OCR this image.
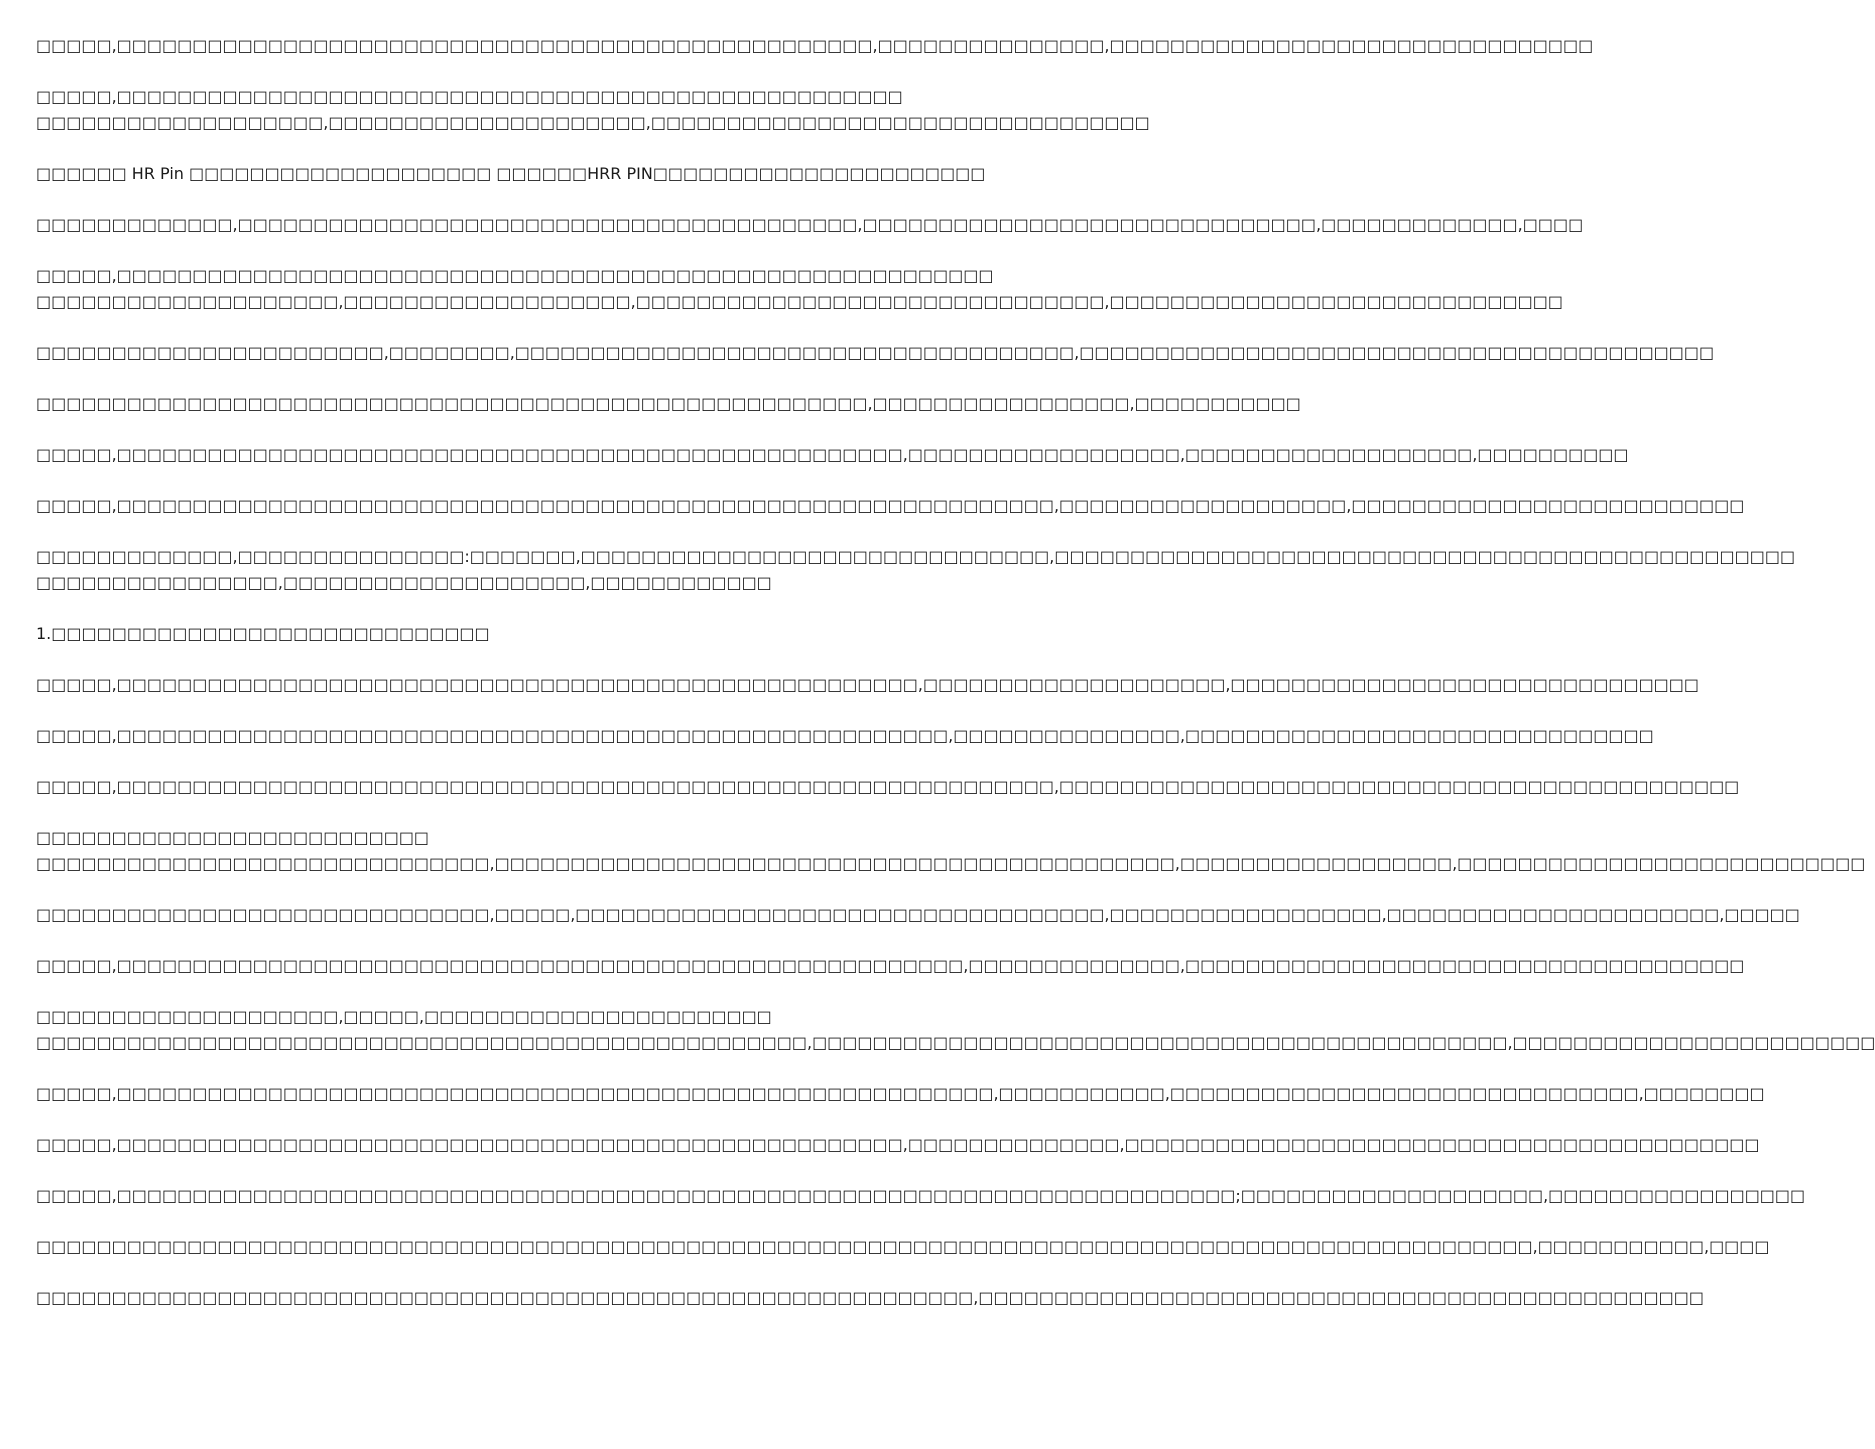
□□□□□,□□□□□□□□□□□□□□□□□□□□□□□□□□□□□□□□□□□□□□□□□□□□□□□□□□,□□□□□□□□□□□□□□□,□□□□□□□□□□□□□□□□□□□□□□□□□□□□□□□□
□□□□□,□□□□□□□□□□□□□□□□□□□□□□□□□□□□□□□□□□□□□□□□□□□□□□□□□□□□
□□□□□□□□□□□□□□□□□□□,□□□□□□□□□□□□□□□□□□□□□,□□□□□□□□□□□□□□□□□□□□□□□□□□□□□□□□□
□□□□□□ HR Pin □□□□□□□□□□□□□□□□□□□□ □□□□□□HRR PIN□□□□□□□□□□□□□□□□□□□□□□
□□□□□□□□□□□□□,□□□□□□□□□□□□□□□□□□□□□□□□□□□□□□□□□□□□□□□□□,□□□□□□□□□□□□□□□□□□□□□□□□□□□□□□,□□□□□□□□□□□□□,□□□□
□□□□□,□□□□□□□□□□□□□□□□□□□□□□□□□□□□□□□□□□□□□□□□□□□□□□□□□□□□□□□□□□
□□□□□□□□□□□□□□□□□□□□,□□□□□□□□□□□□□□□□□□□,□□□□□□□□□□□□□□□□□□□□□□□□□□□□□□□,□□□□□□□□□□□□□□□□□□□□□□□□□□□□□□
□□□□□□□□□□□□□□□□□□□□□□□,□□□□□□□□,□□□□□□□□□□□□□□□□□□□□□□□□□□□□□□□□□□□□□,□□□□□□□□□□□□□□□□□□□□□□□□□□□□□□□□□□□□□□□□□□
□□□□□□□□□□□□□□□□□□□□□□□□□□□□□□□□□□□□□□□□□□□□□□□□□□□□□□□,□□□□□□□□□□□□□□□□□,□□□□□□□□□□□
□□□□□,□□□□□□□□□□□□□□□□□□□□□□□□□□□□□□□□□□□□□□□□□□□□□□□□□□□□,□□□□□□□□□□□□□□□□□□,□□□□□□□□□□□□□□□□□□□,□□□□□□□□□□
□□□□□,□□□□□□□□□□□□□□□□□□□□□□□□□□□□□□□□□□□□□□□□□□□□□□□□□□□□□□□□□□□□□□,□□□□□□□□□□□□□□□□□□□,□□□□□□□□□□□□□□□□□□□□□□□□□□
□□□□□□□□□□□□□,□□□□□□□□□□□□□□□:□□□□□□□,□□□□□□□□□□□□□□□□□□□□□□□□□□□□□□□,□□□□□□□□□□□□□□□□□□□□□□□□□□□□□□□□□□□□□□□□□□□□□□□□□
□□□□□□□□□□□□□□□□,□□□□□□□□□□□□□□□□□□□□,□□□□□□□□□□□□
1.□□□□□□□□□□□□□□□□□□□□□□□□□□□□□
□□□□□,□□□□□□□□□□□□□□□□□□□□□□□□□□□□□□□□□□□□□□□□□□□□□□□□□□□□□,□□□□□□□□□□□□□□□□□□□□,□□□□□□□□□□□□□□□□□□□□□□□□□□□□□□□
□□□□□,□□□□□□□□□□□□□□□□□□□□□□□□□□□□□□□□□□□□□□□□□□□□□□□□□□□□□□□,□□□□□□□□□□□□□□□,□□□□□□□□□□□□□□□□□□□□□□□□□□□□□□□
□□□□□,□□□□□□□□□□□□□□□□□□□□□□□□□□□□□□□□□□□□□□□□□□□□□□□□□□□□□□□□□□□□□□,□□□□□□□□□□□□□□□□□□□□□□□□□□□□□□□□□□□□□□□□□□□□□
□□□□□□□□□□□□□□□□□□□□□□□□□□
□□□□□□□□□□□□□□□□□□□□□□□□□□□□□□,□□□□□□□□□□□□□□□□□□□□□□□□□□□□□□□□□□□□□□□□□□□□□,□□□□□□□□□□□□□□□□□□,□□□□□□□□□□□□□□□□□□□□□□□□□□□
□□□□□□□□□□□□□□□□□□□□□□□□□□□□□□,□□□□□,□□□□□□□□□□□□□□□□□□□□□□□□□□□□□□□□□□□,□□□□□□□□□□□□□□□□□□,□□□□□□□□□□□□□□□□□□□□□□,□□□□□
□□□□□,□□□□□□□□□□□□□□□□□□□□□□□□□□□□□□□□□□□□□□□□□□□□□□□□□□□□□□□□,□□□□□□□□□□□□□□,□□□□□□□□□□□□□□□□□□□□□□□□□□□□□□□□□□□□□
□□□□□□□□□□□□□□□□□□□□,□□□□□,□□□□□□□□□□□□□□□□□□□□□□□
□□□□□□□□□□□□□□□□□□□□□□□□□□□□□□□□□□□□□□□□□□□□□□□□□□□,□□□□□□□□□□□□□□□□□□□□□□□□□□□□□□□□□□□□□□□□□□□□□□,□□□□□□□□□□□□□□□□□□□□□□□□
□□□□□,□□□□□□□□□□□□□□□□□□□□□□□□□□□□□□□□□□□□□□□□□□□□□□□□□□□□□□□□□□,□□□□□□□□□□□,□□□□□□□□□□□□□□□□□□□□□□□□□□□□□□□,□□□□□□□□
□□□□□,□□□□□□□□□□□□□□□□□□□□□□□□□□□□□□□□□□□□□□□□□□□□□□□□□□□□,□□□□□□□□□□□□□□,□□□□□□□□□□□□□□□□□□□□□□□□□□□□□□□□□□□□□□□□□□
□□□□□,□□□□□□□□□□□□□□□□□□□□□□□□□□□□□□□□□□□□□□□□□□□□□□□□□□□□□□□□□□□□□□□□□□□□□□□□□□;□□□□□□□□□□□□□□□□□□□□,□□□□□□□□□□□□□□□□□
□□□□□□□□□□□□□□□□□□□□□□□□□□□□□□□□□□□□□□□□□□□□□□□□□□□□□□□□□□□□□□□□□□□□□□□□□□□□□□□□□□□□□□□□□□□□□□□□□□□,□□□□□□□□□□□,□□□□
□□□□□□□□□□□□□□□□□□□□□□□□□□□□□□□□□□□□□□□□□□□□□□□□□□□□□□□□□□□□□□,□□□□□□□□□□□□□□□□□□□□□□□□□□□□□□□□□□□□□□□□□□□□□□□□
